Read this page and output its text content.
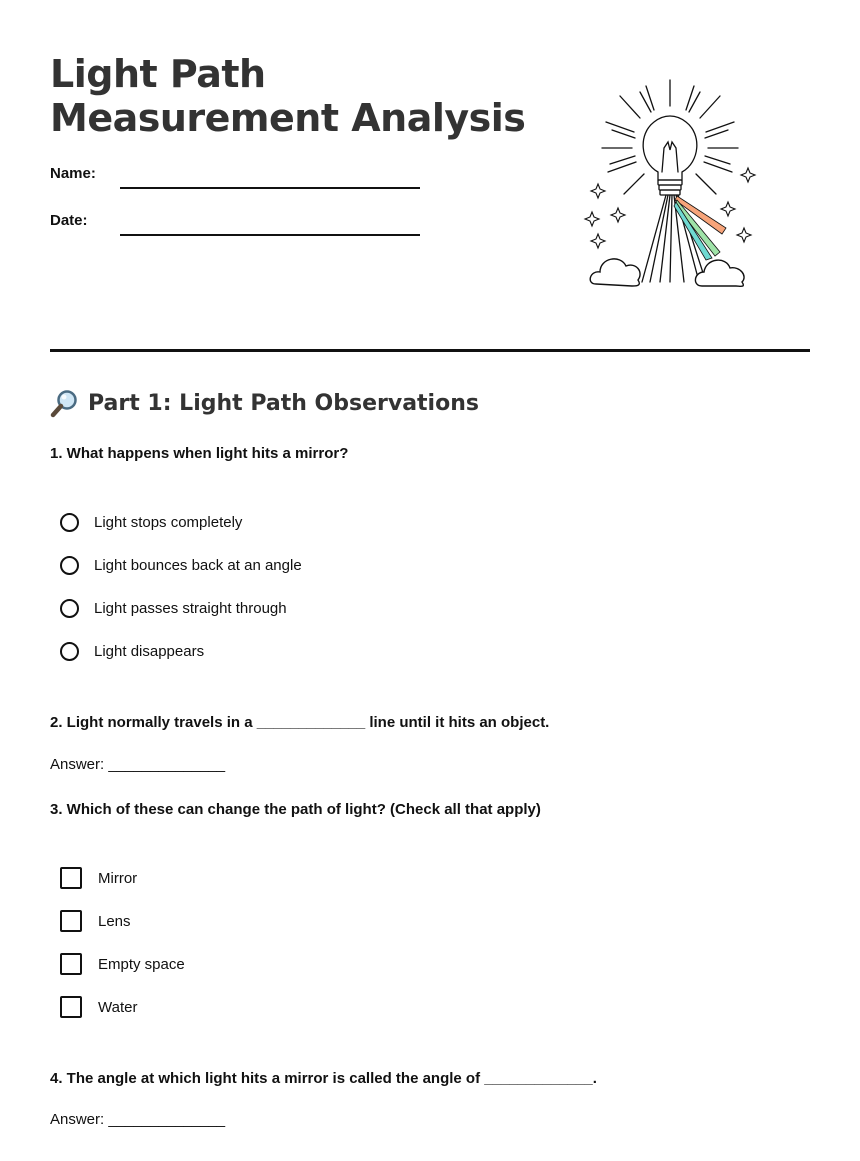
Light Path
Measurement Analysis
Name:
Date:
Part 1: Light Path Observations

1. What happens when light hits a mirror?

Light stops completely
Light bounces back at an angle
Light passes straight through
Light disappears

2. Light normally travels in a _____________ line until it hits an object.

Answer: ______________

3. Which of these can change the path of light? (Check all that apply)

Mirror
Lens
Empty space
Water

4. The angle at which light hits a mirror is called the angle of _____________.

Answer: ______________
